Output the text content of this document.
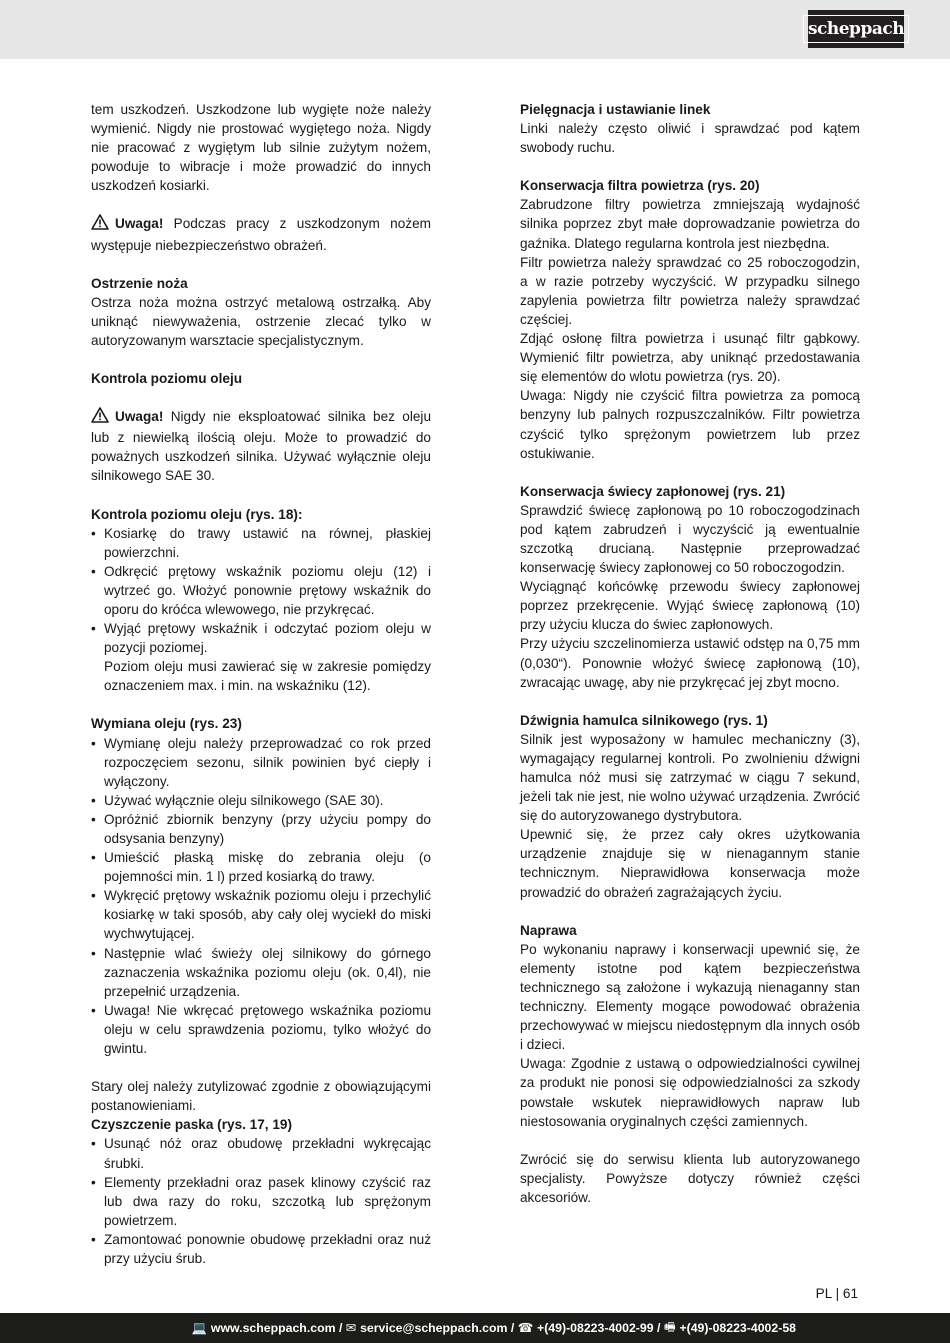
scheppach

tem uszkodzeń. Uszkodzone lub wygięte noże należy wymienić. Nigdy nie prostować wygiętego noża. Nigdy nie pracować z wygiętym lub silnie zużytym nożem, powoduje to wibracje i może prowadzić do innych uszkodzeń kosiarki.

Uwaga! Podczas pracy z uszkodzonym nożem występuje niebezpieczeństwo obrażeń.

Ostrzenie noża

Ostrza noża można ostrzyć metalową ostrzałką. Aby uniknąć niewyważenia, ostrzenie zlecać tylko w autoryzowanym warsztacie specjalistycznym.

Kontrola poziomu oleju

Uwaga! Nigdy nie eksploatować silnika bez oleju lub z niewielką ilością oleju. Może to prowadzić do poważnych uszkodzeń silnika. Używać wyłącznie oleju silnikowego SAE 30.

Kontrola poziomu oleju (rys. 18):

• Kosiarkę do trawy ustawić na równej, płaskiej powierzchni.
• Odkręcić prętowy wskaźnik poziomu oleju (12) i wytrzeć go. Włożyć ponownie prętowy wskaźnik do oporu do króćca wlewowego, nie przykręcać.
• Wyjąć prętowy wskaźnik i odczytać poziom oleju w pozycji poziomej.
Poziom oleju musi zawierać się w zakresie pomiędzy oznaczeniem max. i min. na wskaźniku (12).

Wymiana oleju (rys. 23)

• Wymianę oleju należy przeprowadzać co rok przed rozpoczęciem sezonu, silnik powinien być ciepły i wyłączony.
• Używać wyłącznie oleju silnikowego (SAE 30).
• Opróżnić zbiornik benzyny (przy użyciu pompy do odsysania benzyny)
• Umieścić płaską miskę do zebrania oleju (o pojemności min. 1 l) przed kosiarką do trawy.
• Wykręcić prętowy wskaźnik poziomu oleju i przechylić kosiarkę w taki sposób, aby cały olej wyciekł do miski wychwytującej.
• Następnie wlać świeży olej silnikowy do górnego zaznaczenia wskaźnika poziomu oleju (ok. 0,4l), nie przepełnić urządzenia.
• Uwaga! Nie wkręcać prętowego wskaźnika poziomu oleju w celu sprawdzenia poziomu, tylko włożyć do gwintu.

Stary olej należy zutylizować zgodnie z obowiązującymi postanowieniami.

Czyszczenie paska (rys. 17, 19)

• Usunąć nóż oraz obudowę przekładni wykręcając śrubki.
• Elementy przekładni oraz pasek klinowy czyścić raz lub dwa razy do roku, szczotką lub sprężonym powietrzem.
• Zamontować ponownie obudowę przekładni oraz nuż przy użyciu śrub.

Pielęgnacja i ustawianie linek

Linki należy często oliwić i sprawdzać pod kątem swobody ruchu.

Konserwacja filtra powietrza (rys. 20)

Zabrudzone filtry powietrza zmniejszają wydajność silnika poprzez zbyt małe doprowadzanie powietrza do gaźnika. Dlatego regularna kontrola jest niezbędna.

Filtr powietrza należy sprawdzać co 25 roboczogodzin, a w razie potrzeby wyczyścić. W przypadku silnego zapylenia powietrza filtr powietrza należy sprawdzać częściej.

Zdjąć osłonę filtra powietrza i usunąć filtr gąbkowy. Wymienić filtr powietrza, aby uniknąć przedostawania się elementów do wlotu powietrza (rys. 20).

Uwaga: Nigdy nie czyścić filtra powietrza za pomocą benzyny lub palnych rozpuszczalników. Filtr powietrza czyścić tylko sprężonym powietrzem lub przez ostukiwanie.

Konserwacja świecy zapłonowej (rys. 21)

Sprawdzić świecę zapłonową po 10 roboczogodzinach pod kątem zabrudzeń i wyczyścić ją ewentualnie szczotką drucianą. Następnie przeprowadzać konserwację świecy zapłonowej co 50 roboczogodzin.

Wyciągnąć końcówkę przewodu świecy zapłonowej poprzez przekręcenie. Wyjąć świecę zapłonową (10) przy użyciu klucza do świec zapłonowych.

Przy użyciu szczelinomierza ustawić odstęp na 0,75 mm (0,030“). Ponownie włożyć świecę zapłonową (10), zwracając uwagę, aby nie przykręcać jej zbyt mocno.

Dźwignia hamulca silnikowego (rys. 1)

Silnik jest wyposażony w hamulec mechaniczny (3), wymagający regularnej kontroli. Po zwolnieniu dźwigni hamulca nóż musi się zatrzymać w ciągu 7 sekund, jeżeli tak nie jest, nie wolno używać urządzenia. Zwrócić się do autoryzowanego dystrybutora.

Upewnić się, że przez cały okres użytkowania urządzenie znajduje się w nienagannym stanie technicznym. Nieprawidłowa konserwacja może prowadzić do obrażeń zagrażających życiu.

Naprawa

Po wykonaniu naprawy i konserwacji upewnić się, że elementy istotne pod kątem bezpieczeństwa technicznego są założone i wykazują nienaganny stan techniczny. Elementy mogące powodować obrażenia przechowywać w miejscu niedostępnym dla innych osób i dzieci.

Uwaga: Zgodnie z ustawą o odpowiedzialności cywilnej za produkt nie ponosi się odpowiedzialności za szkody powstałe wskutek nieprawidłowych napraw lub niestosowania oryginalnych części zamiennych.

Zwrócić się do serwisu klienta lub autoryzowanego specjalisty. Powyższe dotyczy również części akcesoriów.

PL | 61
💻 www.scheppach.com / ✉ service@scheppach.com / ☎ +(49)-08223-4002-99 / 🖷 +(49)-08223-4002-58
